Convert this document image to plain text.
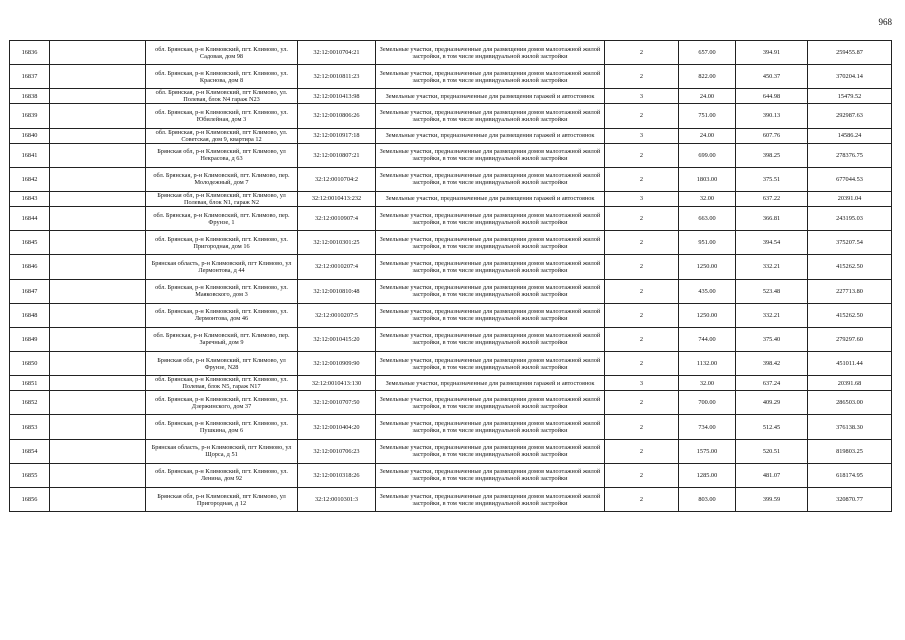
968
16836		обл. Брянская, р-н Климовский, пгт. Климово, ул. Садовая, дом 98	32:12:0010704:21	Земельные участки, предназначенные для размещения домов малоэтажной жилой застройки, в том числе индивидуальной жилой застройки	2	657.00	394.91	259455.87
16837		обл. Брянская, р-н Климовский, пгт. Климово, ул. Краснова, дом 8	32:12:0010811:23	Земельные участки, предназначенные для размещения домов малоэтажной жилой застройки, в том числе индивидуальной жилой застройки	2	822.00	450.37	370204.14
16838		обл. Брянская, р-н Климовский, пгт Климово, ул. Полевая, блок N4 гараж N23	32:12:0010413:98	Земельные участки, предназначенные для размещения гаражей и автостоянок	3	24.00	644.98	15479.52
16839		обл. Брянская, р-н Климовский, пгт. Климово, ул. Юбилейная, дом 3	32:12:0010806:26	Земельные участки, предназначенные для размещения домов малоэтажной жилой застройки, в том числе индивидуальной жилой застройки	2	751.00	390.13	292987.63
16840		обл. Брянская, р-н Климовский, пгт Климово, ул. Советская, дом 9, квартира 12	32:12:0010917:18	Земельные участки, предназначенные для размещения гаражей и автостоянок	3	24.00	607.76	14586.24
16841		Брянская обл, р-н Климовский, пгт Климово, ул Некрасова, д 63	32:12:0010807:21	Земельные участки, предназначенные для размещения домов малоэтажной жилой застройки, в том числе индивидуальной жилой застройки	2	699.00	398.25	278376.75
16842		обл. Брянская, р-н Климовский, пгт. Климово, пер. Молодежный, дом 7	32:12:0010704:2	Земельные участки, предназначенные для размещения домов малоэтажной жилой застройки, в том числе индивидуальной жилой застройки	2	1803.00	375.51	677044.53
16843		Брянская обл, р-н Климовский, пгт Климово, ул Полевая, блок N1, гараж N2	32:12:0010413:232	Земельные участки, предназначенные для размещения гаражей и автостоянок	3	32.00	637.22	20391.04
16844		обл. Брянская, р-н Климовский, пгт. Климово, пер. Фрунзе, 1	32:12:0010907:4	Земельные участки, предназначенные для размещения домов малоэтажной жилой застройки, в том числе индивидуальной жилой застройки	2	663.00	366.81	243195.03
16845		обл. Брянская, р-н Климовский, пгт. Климово, ул. Пригородная, дом 16	32:12:0010301:25	Земельные участки, предназначенные для размещения домов малоэтажной жилой застройки, в том числе индивидуальной жилой застройки	2	951.00	394.54	375207.54
16846		Брянская область, р-н Климовский, пгт Климово, ул Лермонтова, д 44	32:12:0010207:4	Земельные участки, предназначенные для размещения домов малоэтажной жилой застройки, в том числе индивидуальной жилой застройки	2	1250.00	332.21	415262.50
16847		обл. Брянская, р-н Климовский, пгт. Климово, ул. Маяковского, дом 3	32:12:0010810:48	Земельные участки, предназначенные для размещения домов малоэтажной жилой застройки, в том числе индивидуальной жилой застройки	2	435.00	523.48	227713.80
16848		обл. Брянская, р-н Климовский, пгт. Климово, ул. Лермонтова, дом 46	32:12:0010207:5	Земельные участки, предназначенные для размещения домов малоэтажной жилой застройки, в том числе индивидуальной жилой застройки	2	1250.00	332.21	415262.50
16849		обл. Брянская, р-н Климовский, пгт. Климово, пер. Заречный, дом 9	32:12:0010415:20	Земельные участки, предназначенные для размещения домов малоэтажной жилой застройки, в том числе индивидуальной жилой застройки	2	744.00	375.40	279297.60
16850		Брянская обл, р-н Климовский, пгт Климово, ул Фрунзе, N28	32:12:0010909:90	Земельные участки, предназначенные для размещения домов малоэтажной жилой застройки, в том числе индивидуальной жилой застройки	2	1132.00	398.42	451011.44
16851		обл. Брянская, р-н Климовский, пгт. Климово, ул. Полевая, блок N5, гараж N17	32:12:0010413:130	Земельные участки, предназначенные для размещения гаражей и автостоянок	3	32.00	637.24	20391.68
16852		обл. Брянская, р-н Климовский, пгт. Климово, ул. Дзержинского, дом 37	32:12:0010707:50	Земельные участки, предназначенные для размещения домов малоэтажной жилой застройки, в том числе индивидуальной жилой застройки	2	700.00	409.29	286503.00
16853		обл. Брянская, р-н Климовский, пгт. Климово, ул. Пушкина, дом 6	32:12:0010404:20	Земельные участки, предназначенные для размещения домов малоэтажной жилой застройки, в том числе индивидуальной жилой застройки	2	734.00	512.45	376138.30
16854		Брянская область, р-н Климовский, пгт Климово, ул Щорса, д 51	32:12:0010706:23	Земельные участки, предназначенные для размещения домов малоэтажной жилой застройки, в том числе индивидуальной жилой застройки	2	1575.00	520.51	819803.25
16855		обл. Брянская, р-н Климовский, пгт. Климово, ул. Ленина, дом 92	32:12:0010318:26	Земельные участки, предназначенные для размещения домов малоэтажной жилой застройки, в том числе индивидуальной жилой застройки	2	1285.00	481.07	618174.95
16856		Брянская обл, р-н Климовский, пгт Климово, ул Пригородная, д 12	32:12:0010301:3	Земельные участки, предназначенные для размещения домов малоэтажной жилой застройки, в том числе индивидуальной жилой застройки	2	803.00	399.59	320870.77
